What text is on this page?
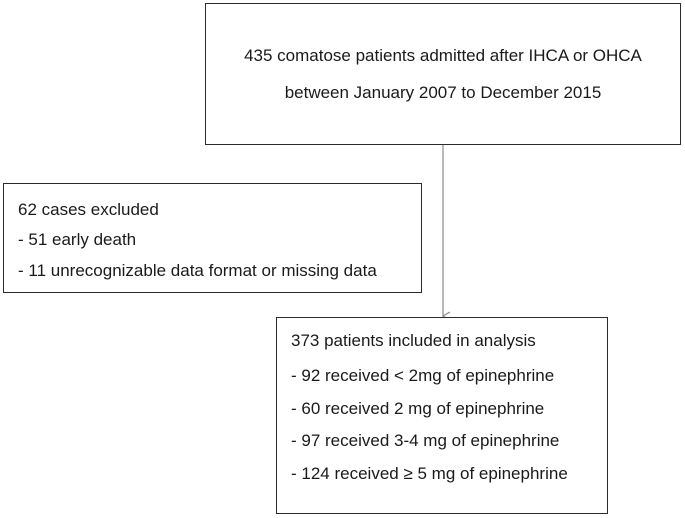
435 comatose patients admitted after IHCA or OHCA
between January 2007 to December 2015
62 cases excluded
- 51 early death
- 11 unrecognizable data format or missing data
373 patients included in analysis
- 92 received < 2mg of epinephrine
- 60 received 2 mg of epinephrine
- 97 received 3-4 mg of epinephrine
- 124 received ≥ 5 mg of epinephrine
